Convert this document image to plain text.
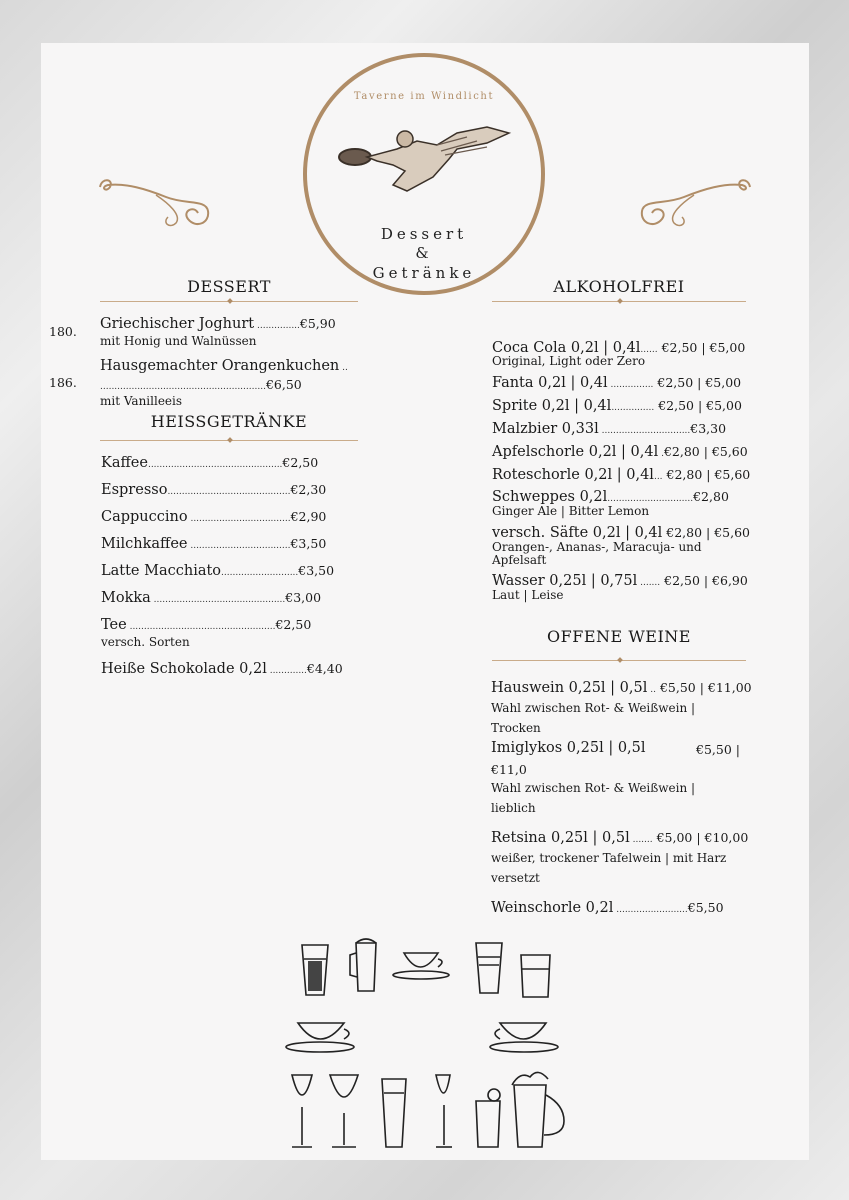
Taverne im Windlicht
Dessert
&
Getränke
DESSERT
180. Griechischer Joghurt ...............€5,90
mit Honig und Walnüssen
186.
Hausgemachter Orangenkuchen ..
..........................................................€6,50
mit Vanilleeis
HEISSGETRÄNKE
Kaffee...............................................€2,50
Espresso...........................................€2,30
Cappuccino ...................................€2,90
Milchkaffee ...................................€3,50
Latte Macchiato...........................€3,50
Mokka ..............................................€3,00
Tee ...................................................€2,50
versch. Sorten
Heiße Schokolade 0,2l .............€4,40
ALKOHOLFREI
Coca Cola 0,2l | 0,4l...... €2,50 | €5,00
Original, Light oder Zero
Fanta 0,2l | 0,4l ............... €2,50 | €5,00
Sprite 0,2l | 0,4l............... €2,50 | €5,00
Malzbier 0,33l ...............................€3,30
Apfelschorle 0,2l | 0,4l .€2,80 | €5,60
Roteschorle 0,2l | 0,4l... €2,80 | €5,60
Schweppes 0,2l..............................€2,80
Ginger Ale | Bitter Lemon
versch. Säfte 0,2l | 0,4l €2,80 | €5,60
Orangen-, Ananas-, Maracuja- und
Apfelsaft
Wasser 0,25l | 0,75l ....... €2,50 | €6,90
Laut | Leise
OFFENE WEINE
Hauswein 0,25l | 0,5l .. €5,50 | €11,00
Wahl zwischen Rot- & Weißwein |
Trocken
Imiglykos 0,25l | 0,5l	€5,50 |
€11,0
Wahl zwischen Rot- & Weißwein |
lieblich
Retsina 0,25l | 0,5l ....... €5,00 | €10,00
weißer, trockener Tafelwein | mit Harz
versetzt
Weinschorle 0,2l .........................€5,50
